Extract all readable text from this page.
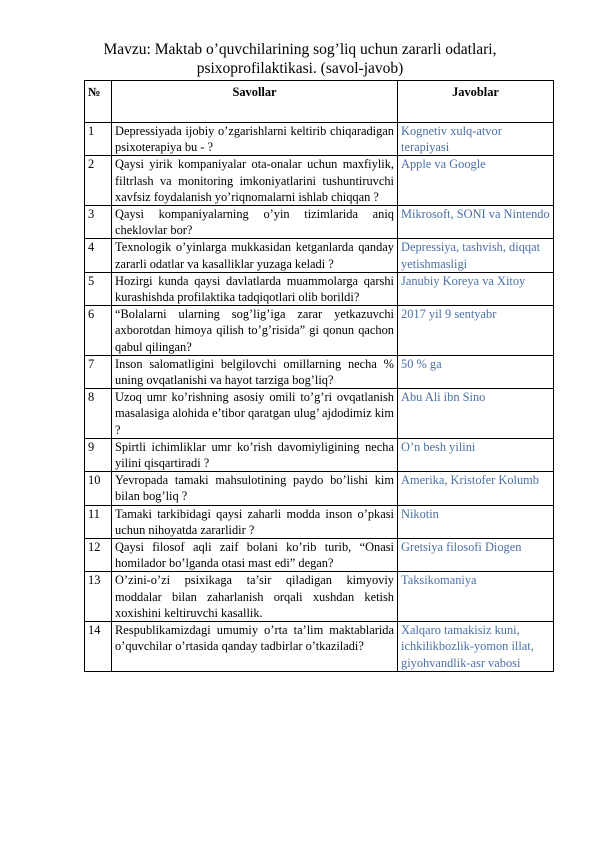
Mavzu: Maktab o’quvchilarining sog’liq uchun zararli odatlari,
psixoprofilaktikasi. (savol-javob)
№	Savollar	Javoblar
1	Depressiyada ijobiy o’zgarishlarni keltirib chiqaradigan psixoterapiya bu - ?	Kognetiv xulq-atvor terapiyasi
2	Qaysi yirik kompaniyalar ota-onalar uchun maxfiylik, filtrlash va monitoring imkoniyatlarini tushuntiruvchi xavfsiz foydalanish yo’riqnomalarni ishlab chiqqan ?	Apple va Google
3	Qaysi kompaniyalarning o’yin tizimlarida aniq cheklovlar bor?	Mikrosoft, SONI va Nintendo
4	Texnologik o’yinlarga mukkasidan ketganlarda qanday zararli odatlar va kasalliklar yuzaga keladi ?	Depressiya, tashvish, diqqat yetishmasligi
5	Hozirgi kunda qaysi davlatlarda muammolarga qarshi kurashishda profilaktika tadqiqotlari olib borildi?	Janubiy Koreya va Xitoy
6	“Bolalarni ularning sog’lig’iga zarar yetkazuvchi axborotdan himoya qilish to’g’risida” gi qonun qachon qabul qilingan?	2017 yil 9 sentyabr
7	Inson salomatligini belgilovchi omillarning necha % uning ovqatlanishi va hayot tarziga bog’liq?	50 % ga
8	Uzoq umr ko’rishning asosiy omili to’g’ri ovqatlanish masalasiga alohida e’tibor qaratgan ulug’ ajdodimiz kim ?	Abu Ali ibn Sino
9	Spirtli ichimliklar umr ko’rish davomiyligining necha yilini qisqartiradi ?	O’n besh yilini
10	Yevropada tamaki mahsulotining paydo bo’lishi kim bilan bog’liq ?	Amerika, Kristofer Kolumb
11	Tamaki tarkibidagi qaysi zaharli modda inson o’pkasi uchun nihoyatda zararlidir ?	Nikotin
12	Qaysi filosof aqli zaif bolani ko’rib turib, “Onasi homilador bo’lganda otasi mast edi” degan?	Gretsiya filosofi Diogen
13	O’zini-o’zi psixikaga ta’sir qiladigan kimyoviy moddalar bilan zaharlanish orqali xushdan ketish xoxishini keltiruvchi kasallik.	Taksikomaniya
14	Respublikamizdagi umumiy o’rta ta’lim maktablarida o’quvchilar o’rtasida qanday tadbirlar o’tkaziladi?	Xalqaro tamakisiz kuni, ichkilikbozlik-yomon illat, giyohvandlik-asr vabosi
